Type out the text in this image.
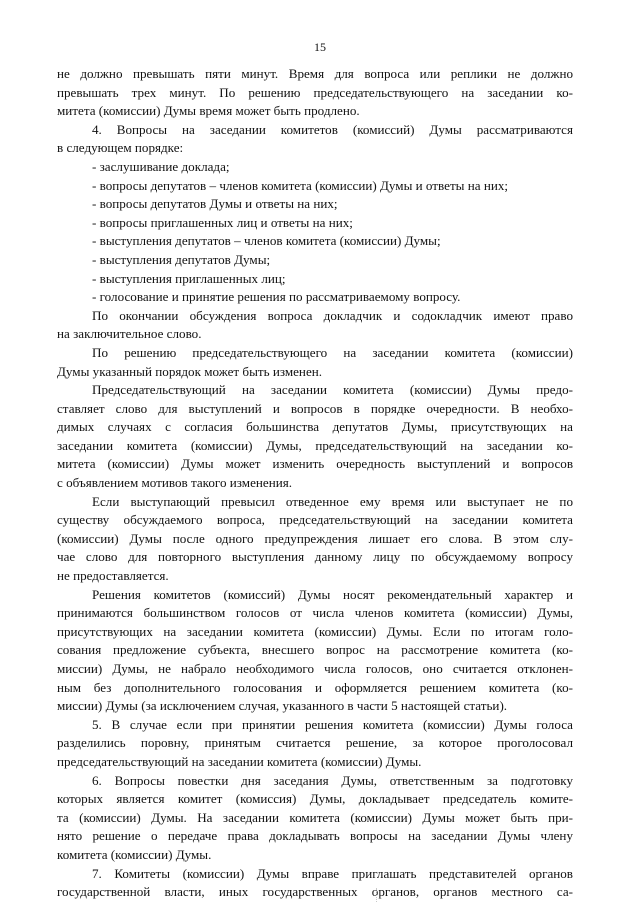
15
не должно превышать пяти минут. Время для вопроса или реплики не должно
превышать трех минут. По решению председательствующего на заседании ко-
митета (комиссии) Думы время может быть продлено.
4. Вопросы на заседании комитетов (комиссий) Думы рассматриваются
в следующем порядке:
- заслушивание доклада;
- вопросы депутатов – членов комитета (комиссии) Думы и ответы на них;
- вопросы депутатов Думы и ответы на них;
- вопросы приглашенных лиц и ответы на них;
- выступления депутатов – членов комитета (комиссии) Думы;
- выступления депутатов Думы;
- выступления приглашенных лиц;
- голосование и принятие решения по рассматриваемому вопросу.
По окончании обсуждения вопроса докладчик и содокладчик имеют право
на заключительное слово.
По решению председательствующего на заседании комитета (комиссии)
Думы указанный порядок может быть изменен.
Председательствующий на заседании комитета (комиссии) Думы предо-
ставляет слово для выступлений и вопросов в порядке очередности. В необхо-
димых случаях с согласия большинства депутатов Думы, присутствующих на
заседании комитета (комиссии) Думы, председательствующий на заседании ко-
митета (комиссии) Думы может изменить очередность выступлений и вопросов
с объявлением мотивов такого изменения.
Если выступающий превысил отведенное ему время или выступает не по
существу обсуждаемого вопроса, председательствующий на заседании комитета
(комиссии) Думы после одного предупреждения лишает его слова. В этом слу-
чае слово для повторного выступления данному лицу по обсуждаемому вопросу
не предоставляется.
Решения комитетов (комиссий) Думы носят рекомендательный характер и
принимаются большинством голосов от числа членов комитета (комиссии) Думы,
присутствующих на заседании комитета (комиссии) Думы. Если по итогам голо-
сования предложение субъекта, внесшего вопрос на рассмотрение комитета (ко-
миссии) Думы, не набрало необходимого числа голосов, оно считается отклонен-
ным без дополнительного голосования и оформляется решением комитета (ко-
миссии) Думы (за исключением случая, указанного в части 5 настоящей статьи).
5. В случае если при принятии решения комитета (комиссии) Думы голоса
разделились поровну, принятым считается решение, за которое проголосовал
председательствующий на заседании комитета (комиссии) Думы.
6. Вопросы повестки дня заседания Думы, ответственным за подготовку
которых является комитет (комиссия) Думы, докладывает председатель комите-
та (комиссии) Думы. На заседании комитета (комиссии) Думы может быть при-
нято решение о передаче права докладывать вопросы на заседании Думы члену
комитета (комиссии) Думы.
7. Комитеты (комиссии) Думы вправе приглашать представителей органов
государственной власти, иных государственных органов, органов местного са-
